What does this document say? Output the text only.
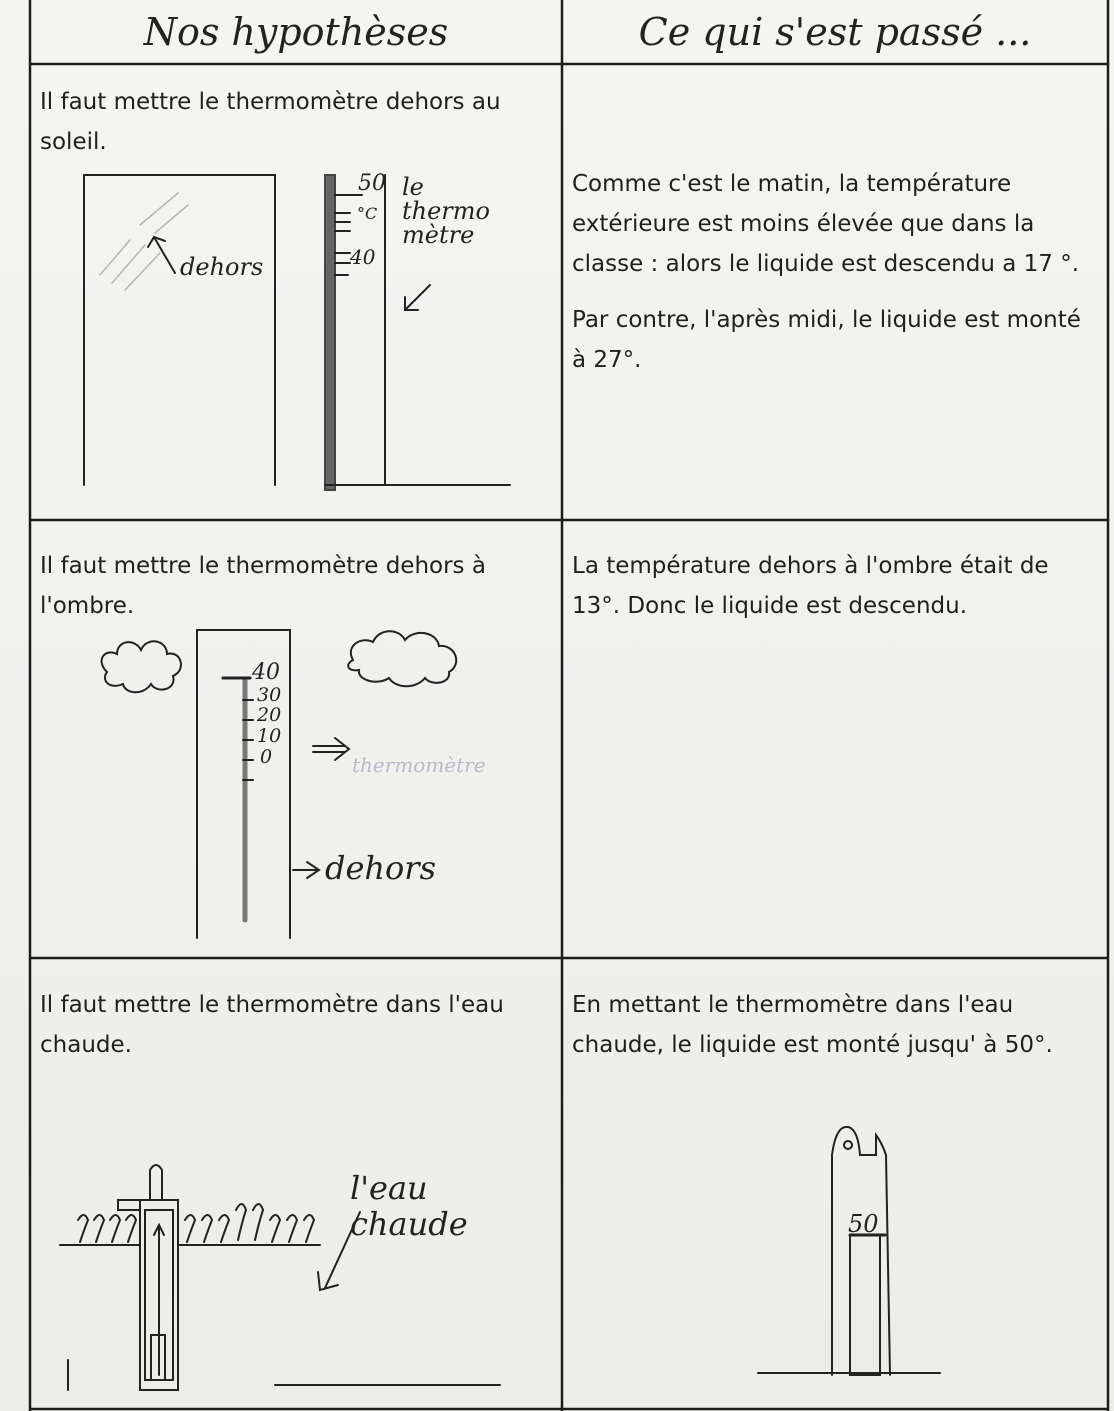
Nos hypothèses	Ce qui s'est passé ...

Il faut mettre le thermomètre dehors au soleil.

dehors
50
°C
40
le thermo mètre

Comme c'est le matin, la température extérieure est moins élevée que dans la classe : alors le liquide est descendu a 17 °.

Par contre, l'après midi, le liquide est monté à 27°.

Il faut mettre le thermomètre dehors à l'ombre.

40
30
20
10
0	thermomètre
dehors

La température dehors à l'ombre était de 13°. Donc le liquide est descendu.

Il faut mettre le thermomètre dans l'eau chaude.

l'eau chaude

En mettant le thermomètre dans l'eau chaude, le liquide est monté jusqu' à 50°.

50
